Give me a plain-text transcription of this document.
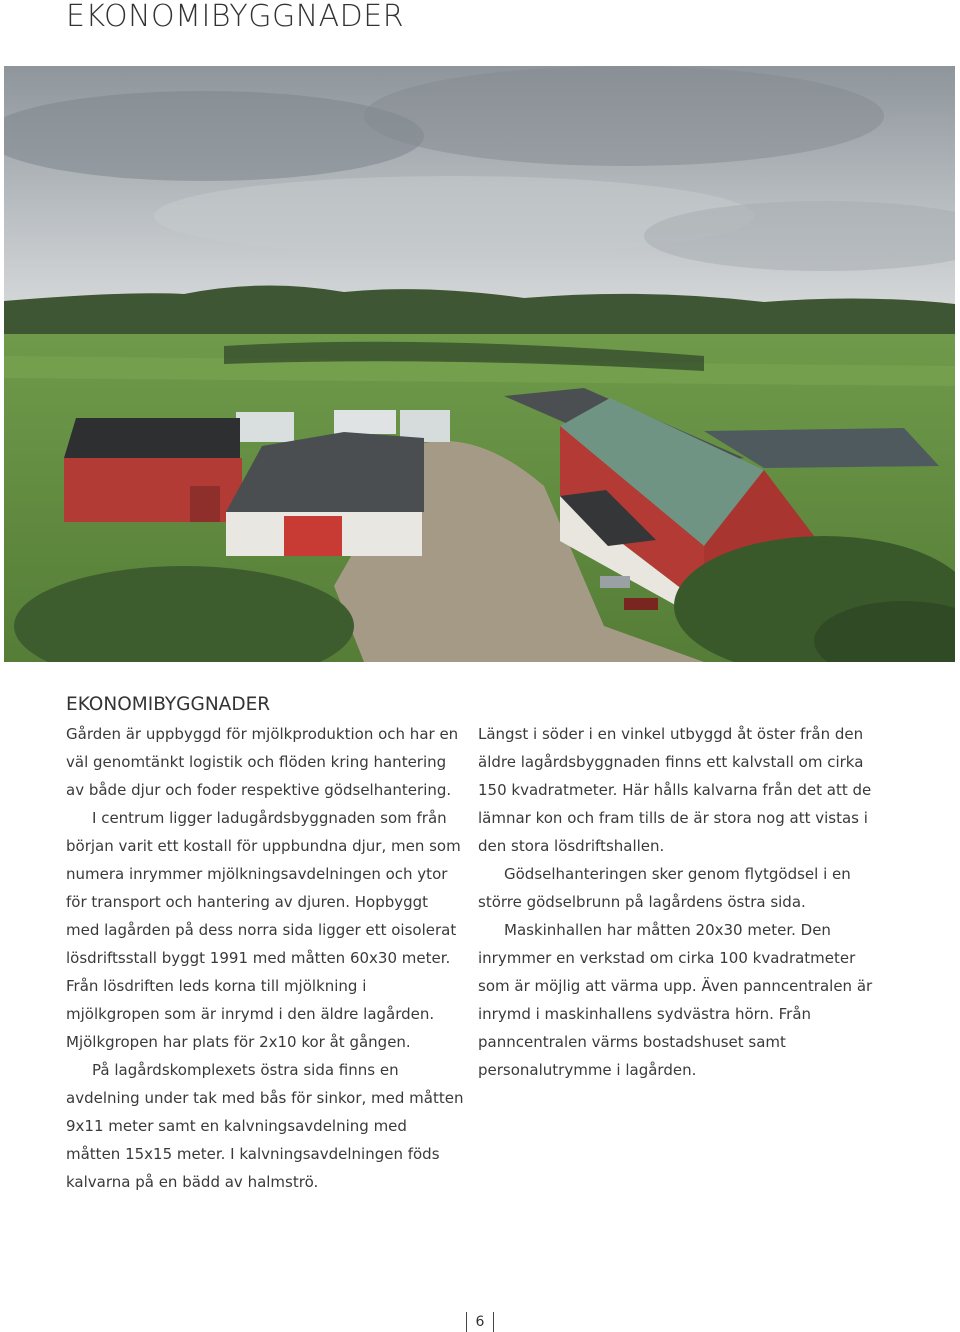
EKONOMIBYGGNADER
EKONOMIBYGGNADER

Gården är uppbyggd för mjölkproduktion och har en väl genomtänkt logistik och flöden kring hantering av både djur och foder respektive gödselhantering.

I centrum ligger ladugårdsbyggnaden som från början varit ett kostall för uppbundna djur, men som numera inrymmer mjölkningsavdelningen och ytor för transport och hantering av djuren. Hopbyggt med lagården på dess norra sida ligger ett oisolerat lösdriftsstall byggt 1991 med måtten 60x30 meter. Från lösdriften leds korna till mjölkning i mjölkgropen som är inrymd i den äldre lagården. Mjölkgropen har plats för 2x10 kor åt gången.

På lagårdskomplexets östra sida finns en avdelning under tak med bås för sinkor, med måtten 9x11 meter samt en kalvningsavdelning med måtten 15x15 meter. I kalvningsavdelningen föds kalvarna på en bädd av halmströ.

Längst i söder i en vinkel utbyggd åt öster från den äldre lagårdsbyggnaden finns ett kalvstall om cirka 150 kvadratmeter. Här hålls kalvarna från det att de lämnar kon och fram tills de är stora nog att vistas i den stora lösdriftshallen.

Gödselhanteringen sker genom flytgödsel i en större gödselbrunn på lagårdens östra sida.

Maskinhallen har måtten 20x30 meter. Den inrymmer en verkstad om cirka 100 kvadratmeter som är möjlig att värma upp. Även panncentralen är inrymd i maskinhallens sydvästra hörn. Från panncentralen värms bostadshuset samt personalutrymme i lagården.

6
